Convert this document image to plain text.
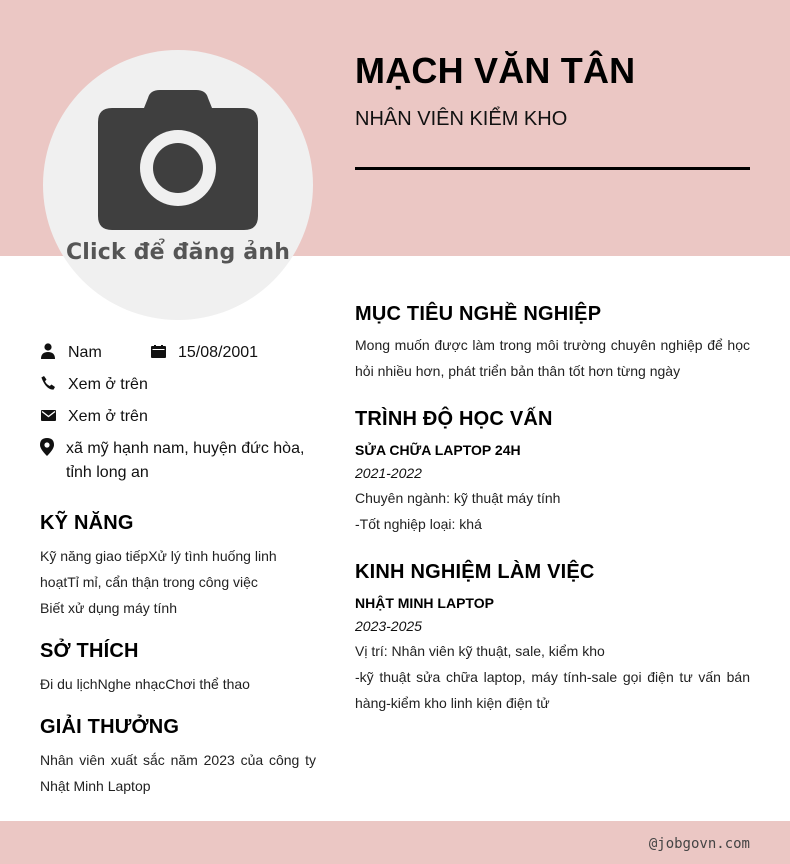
Click để đăng ảnh
MẠCH VĂN TÂN
NHÂN VIÊN KIỂM KHO
Nam	15/08/2001
Xem ở trên
Xem ở trên
xã mỹ hạnh nam, huyện đức hòa, tỉnh long an
KỸ NĂNG
Kỹ năng giao tiếpXử lý tình huống linh hoạtTỉ mỉ, cẩn thận trong công việc
Biết xử dụng máy tính
SỞ THÍCH
Đi du lịchNghe nhạcChơi thể thao
GIẢI THƯỞNG
Nhân viên xuất sắc năm 2023 của công ty Nhật Minh Laptop
MỤC TIÊU NGHỀ NGHIỆP
Mong muốn được làm trong môi trường chuyên nghiệp để học hỏi nhiều hơn, phát triển bản thân tốt hơn từng ngày
TRÌNH ĐỘ HỌC VẤN
SỬA CHỮA LAPTOP 24H
2021-2022
Chuyên ngành: kỹ thuật máy tính
-Tốt nghiệp loại: khá
KINH NGHIỆM LÀM VIỆC
NHẬT MINH LAPTOP
2023-2025
Vị trí: Nhân viên kỹ thuật, sale, kiểm kho
-kỹ thuật sửa chữa laptop, máy tính-sale gọi điện tư vấn bán hàng-kiểm kho linh kiện điện tử
@jobgovn.com
